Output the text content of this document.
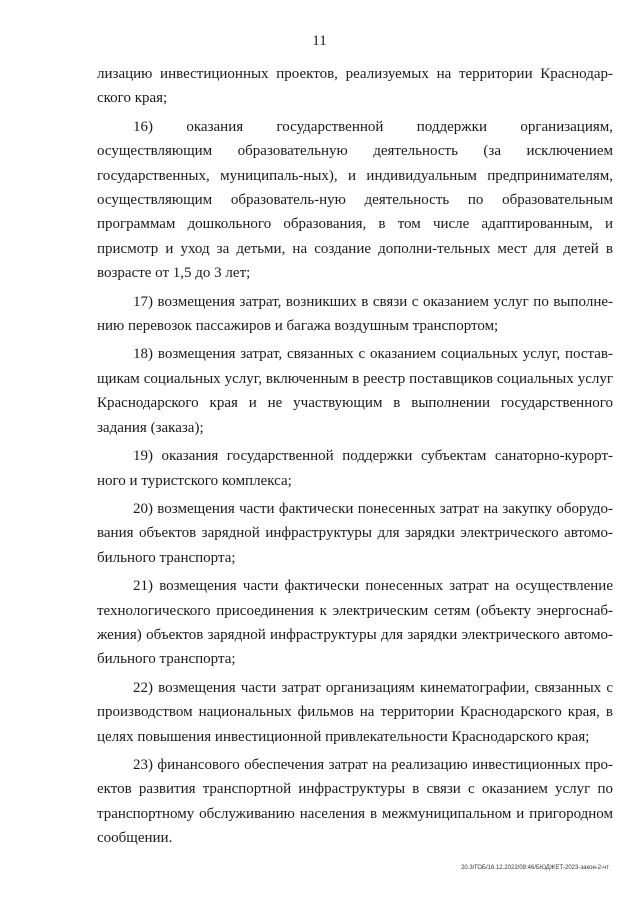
11

лизацию инвестиционных проектов, реализуемых на территории Краснодар-ского края;

16) оказания государственной поддержки организациям, осуществляющим образовательную деятельность (за исключением государственных, муниципаль-ных), и индивидуальным предпринимателям, осуществляющим образователь-ную деятельность по образовательным программам дошкольного образования, в том числе адаптированным, и присмотр и уход за детьми, на создание дополни-тельных мест для детей в возрасте от 1,5 до 3 лет;

17) возмещения затрат, возникших в связи с оказанием услуг по выполне-нию перевозок пассажиров и багажа воздушным транспортом;

18) возмещения затрат, связанных с оказанием социальных услуг, постав-щикам социальных услуг, включенным в реестр поставщиков социальных услуг Краснодарского края и не участвующим в выполнении государственного задания (заказа);

19) оказания государственной поддержки субъектам санаторно-курорт-ного и туристского комплекса;

20) возмещения части фактически понесенных затрат на закупку оборудо-вания объектов зарядной инфраструктуры для зарядки электрического автомо-бильного транспорта;

21) возмещения части фактически понесенных затрат на осуществление технологического присоединения к электрическим сетям (объекту энергоснаб-жения) объектов зарядной инфраструктуры для зарядки электрического автомо-бильного транспорта;

22) возмещения части затрат организациям кинематографии, связанных с производством национальных фильмов на территории Краснодарского края, в целях повышения инвестиционной привлекательности Краснодарского края;

23) финансового обеспечения затрат на реализацию инвестиционных про-ектов развития транспортной инфраструктуры в связи с оказанием услуг по транспортному обслуживанию населения в межмуниципальном и пригородном сообщении.

20.3/ГОБ/16.12.2022/09:46/БЮДЖЕТ-2023-закон-2-чт
